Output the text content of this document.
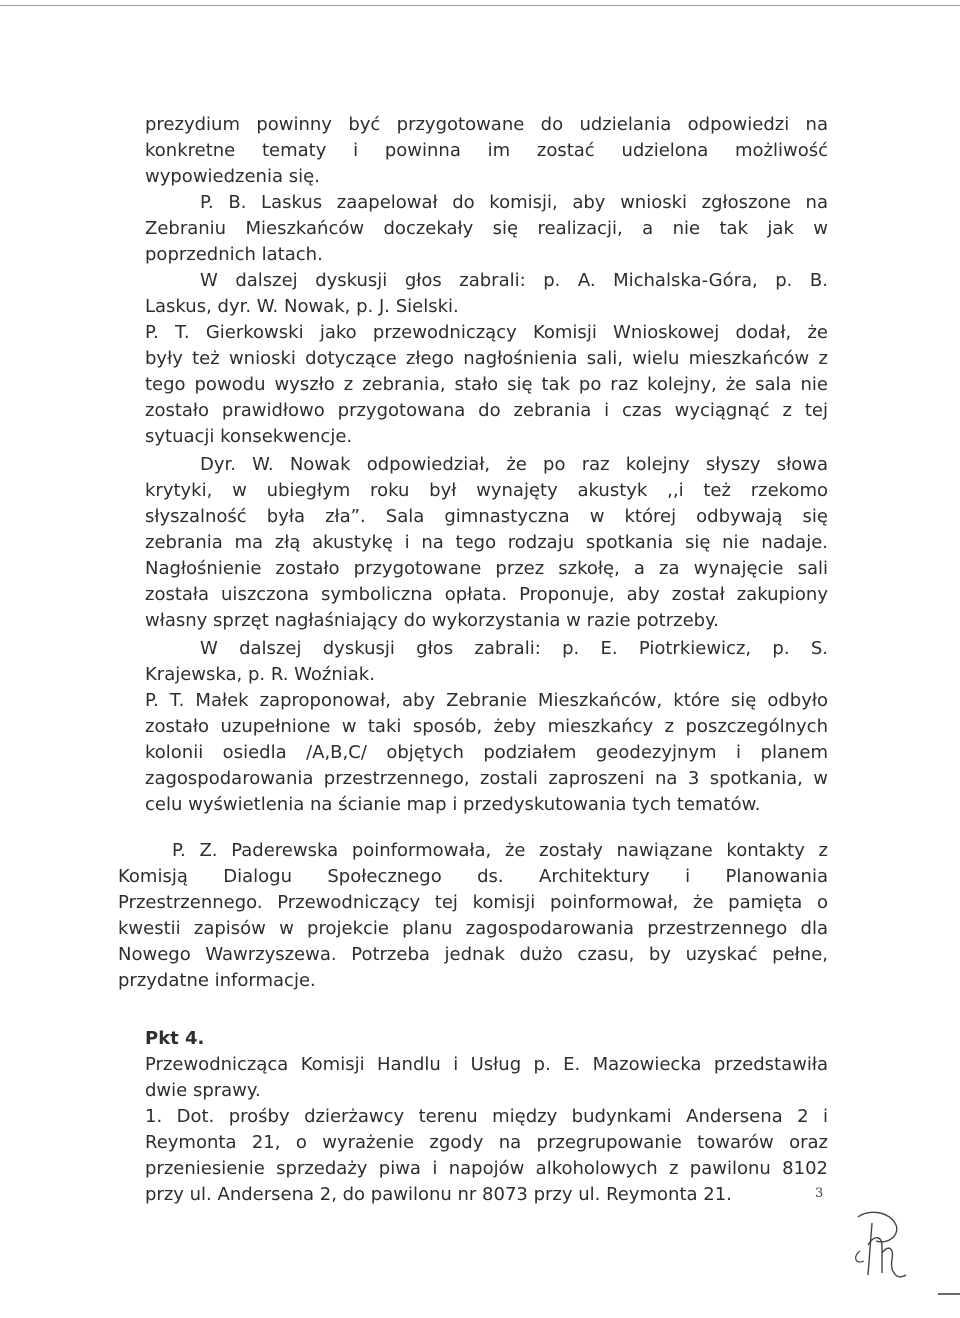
prezydium powinny być przygotowane do udzielania odpowiedzi na
konkretne tematy i powinna im zostać udzielona możliwość
wypowiedzenia się.
P. B. Laskus zaapelował do komisji, aby wnioski zgłoszone na
Zebraniu Mieszkańców doczekały się realizacji, a nie tak jak w
poprzednich latach.
W dalszej dyskusji głos zabrali: p. A. Michalska-Góra, p. B.
Laskus, dyr. W. Nowak, p. J. Sielski.
P. T. Gierkowski jako przewodniczący Komisji Wnioskowej dodał, że
były też wnioski dotyczące złego nagłośnienia sali, wielu mieszkańców z
tego powodu wyszło z zebrania, stało się tak po raz kolejny, że sala nie
zostało prawidłowo przygotowana do zebrania i czas wyciągnąć z tej
sytuacji konsekwencje.
Dyr. W. Nowak odpowiedział, że po raz kolejny słyszy słowa
krytyki, w ubiegłym roku był wynajęty akustyk ,,i też rzekomo
słyszalność była zła”. Sala gimnastyczna w której odbywają się
zebrania ma złą akustykę i na tego rodzaju spotkania się nie nadaje.
Nagłośnienie zostało przygotowane przez szkołę, a za wynajęcie sali
została uiszczona symboliczna opłata. Proponuje, aby został zakupiony
własny sprzęt nagłaśniający do wykorzystania w razie potrzeby.
W dalszej dyskusji głos zabrali: p. E. Piotrkiewicz, p. S.
Krajewska, p. R. Woźniak.
P. T. Małek zaproponował, aby Zebranie Mieszkańców, które się odbyło
zostało uzupełnione w taki sposób, żeby mieszkańcy z poszczególnych
kolonii osiedla /A,B,C/ objętych podziałem geodezyjnym i planem
zagospodarowania przestrzennego, zostali zaproszeni na 3 spotkania, w
celu wyświetlenia na ścianie map i przedyskutowania tych tematów.
P. Z. Paderewska poinformowała, że zostały nawiązane kontakty z
Komisją Dialogu Społecznego ds. Architektury i Planowania
Przestrzennego. Przewodniczący tej komisji poinformował, że pamięta o
kwestii zapisów w projekcie planu zagospodarowania przestrzennego dla
Nowego Wawrzyszewa. Potrzeba jednak dużo czasu, by uzyskać pełne,
przydatne informacje.
Pkt 4.
Przewodnicząca Komisji Handlu i Usług p. E. Mazowiecka przedstawiła
dwie sprawy.
1. Dot. prośby dzierżawcy terenu między budynkami Andersena 2 i
Reymonta 21, o wyrażenie zgody na przegrupowanie towarów oraz
przeniesienie sprzedaży piwa i napojów alkoholowych z pawilonu 8102
przy ul. Andersena 2, do pawilonu nr 8073 przy ul. Reymonta 21.	3
